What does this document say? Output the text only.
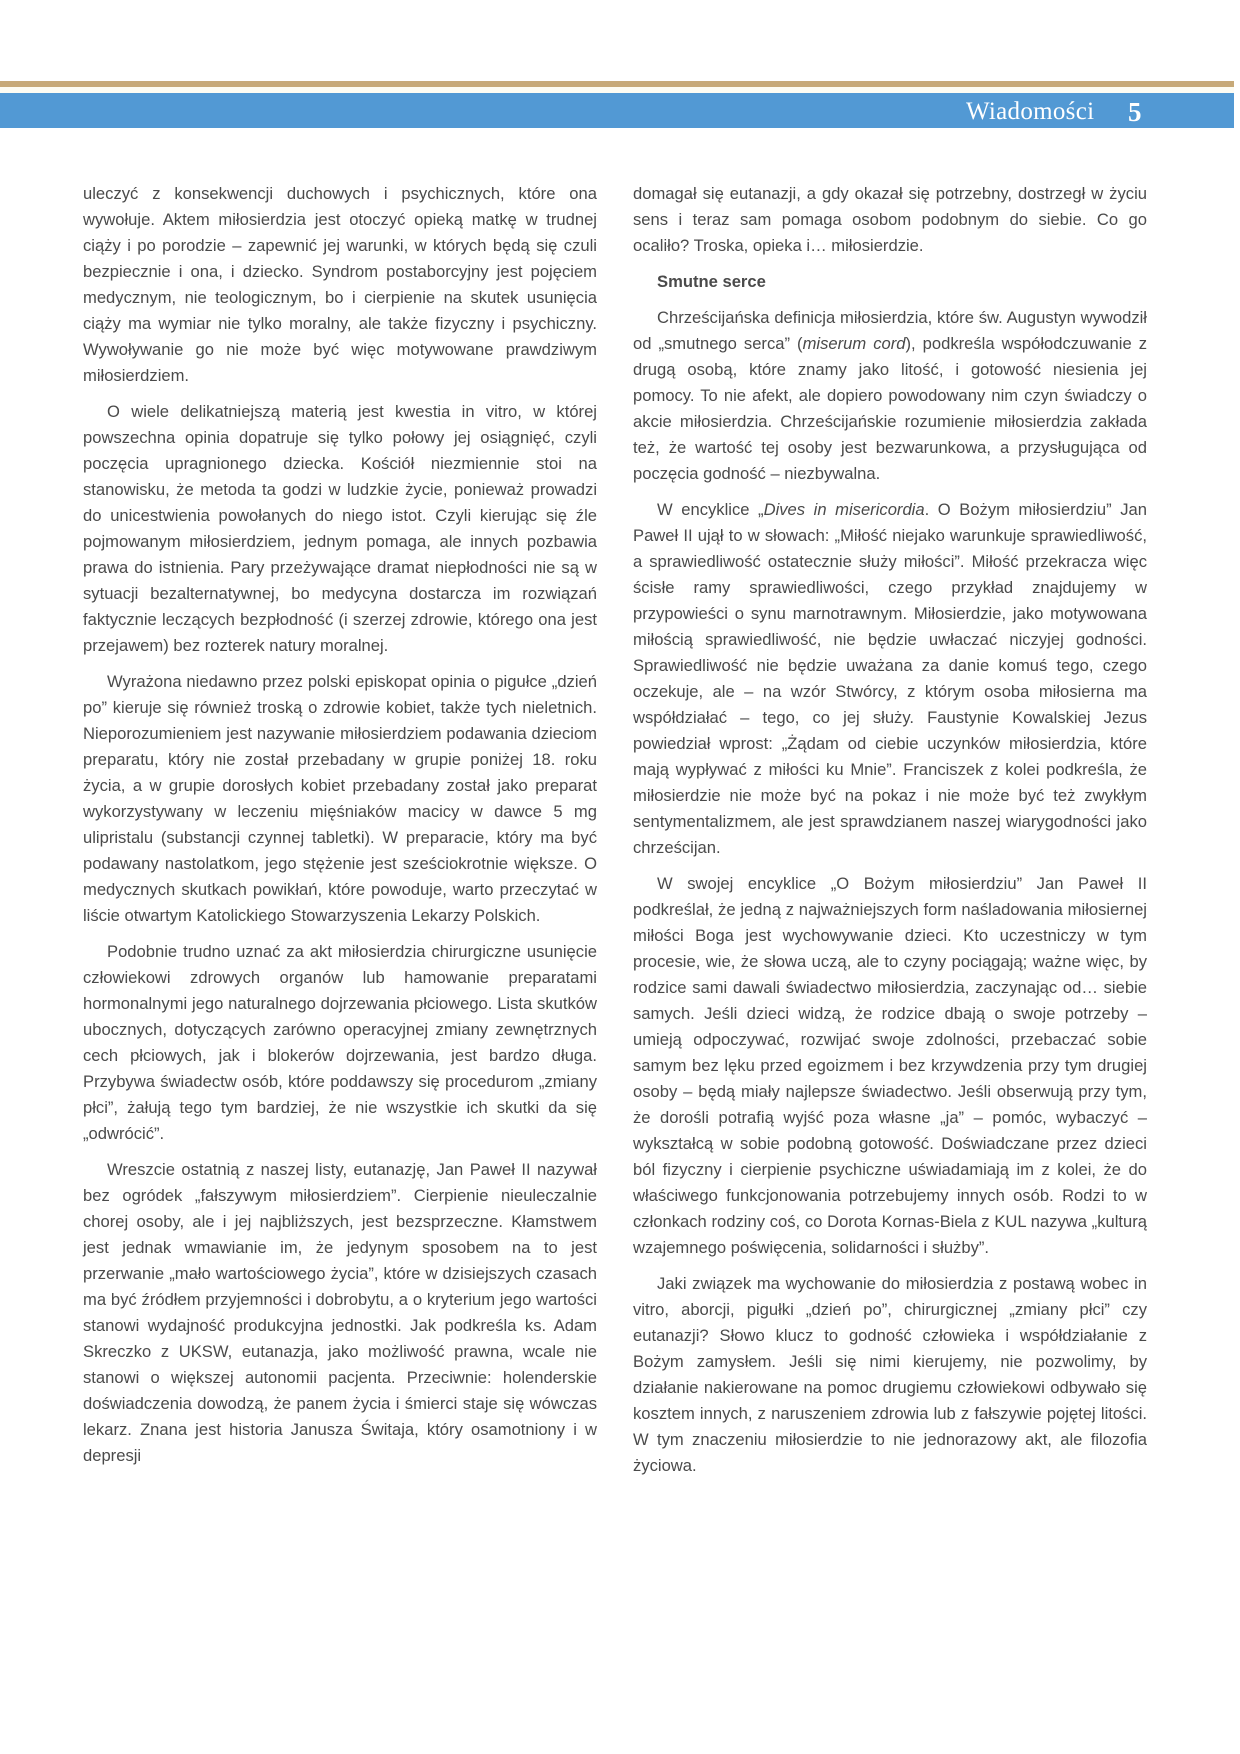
Wiadomości 5

uleczyć z konsekwencji duchowych i psychicznych, które ona wywołuje. Aktem miłosierdzia jest otoczyć opieką matkę w trudnej ciąży i po porodzie – zapewnić jej warunki, w których będą się czuli bezpiecznie i ona, i dziecko. Syndrom postaborcyjny jest pojęciem medycznym, nie teologicznym, bo i cierpienie na skutek usunięcia ciąży ma wymiar nie tylko moralny, ale także fizyczny i psychiczny. Wywoływanie go nie może być więc motywowane prawdziwym miłosierdziem.

O wiele delikatniejszą materią jest kwestia in vitro, w której powszechna opinia dopatruje się tylko połowy jej osiągnięć, czyli poczęcia upragnionego dziecka. Kościół niezmiennie stoi na stanowisku, że metoda ta godzi w ludzkie życie, ponieważ prowadzi do unicestwienia powołanych do niego istot. Czyli kierując się źle pojmowanym miłosierdziem, jednym pomaga, ale innych pozbawia prawa do istnienia. Pary przeżywające dramat niepłodności nie są w sytuacji bezalternatywnej, bo medycyna dostarcza im rozwiązań faktycznie leczących bezpłodność (i szerzej zdrowie, którego ona jest przejawem) bez rozterek natury moralnej.

Wyrażona niedawno przez polski episkopat opinia o pigułce „dzień po” kieruje się również troską o zdrowie kobiet, także tych nieletnich. Nieporozumieniem jest nazywanie miłosierdziem podawania dzieciom preparatu, który nie został przebadany w grupie poniżej 18. roku życia, a w grupie dorosłych kobiet przebadany został jako preparat wykorzystywany w leczeniu mięśniaków macicy w dawce 5 mg ulipristalu (substancji czynnej tabletki). W preparacie, który ma być podawany nastolatkom, jego stężenie jest sześciokrotnie większe. O medycznych skutkach powikłań, które powoduje, warto przeczytać w liście otwartym Katolickiego Stowarzyszenia Lekarzy Polskich.

Podobnie trudno uznać za akt miłosierdzia chirurgiczne usunięcie człowiekowi zdrowych organów lub hamowanie preparatami hormonalnymi jego naturalnego dojrzewania płciowego. Lista skutków ubocznych, dotyczących zarówno operacyjnej zmiany zewnętrznych cech płciowych, jak i blokerów dojrzewania, jest bardzo długa. Przybywa świadectw osób, które poddawszy się procedurom „zmiany płci”, żałują tego tym bardziej, że nie wszystkie ich skutki da się „odwrócić”.

Wreszcie ostatnią z naszej listy, eutanazję, Jan Paweł II nazywał bez ogródek „fałszywym miłosierdziem”. Cierpienie nieuleczalnie chorej osoby, ale i jej najbliższych, jest bezsprzeczne. Kłamstwem jest jednak wmawianie im, że jedynym sposobem na to jest przerwanie „mało wartościowego życia”, które w dzisiejszych czasach ma być źródłem przyjemności i dobrobytu, a o kryterium jego wartości stanowi wydajność produkcyjna jednostki. Jak podkreśla ks. Adam Skreczko z UKSW, eutanazja, jako możliwość prawna, wcale nie stanowi o większej autonomii pacjenta. Przeciwnie: holenderskie doświadczenia dowodzą, że panem życia i śmierci staje się wówczas lekarz. Znana jest historia Janusza Świtaja, który osamotniony i w depresji

domagał się eutanazji, a gdy okazał się potrzebny, dostrzegł w życiu sens i teraz sam pomaga osobom podobnym do siebie. Co go ocaliło? Troska, opieka i… miłosierdzie.

Smutne serce

Chrześcijańska definicja miłosierdzia, które św. Augustyn wywodził od „smutnego serca” (miserum cord), podkreśla współodczuwanie z drugą osobą, które znamy jako litość, i gotowość niesienia jej pomocy. To nie afekt, ale dopiero powodowany nim czyn świadczy o akcie miłosierdzia. Chrześcijańskie rozumienie miłosierdzia zakłada też, że wartość tej osoby jest bezwarunkowa, a przysługująca od poczęcia godność – niezbywalna.

W encyklice „Dives in misericordia. O Bożym miłosierdziu” Jan Paweł II ujął to w słowach: „Miłość niejako warunkuje sprawiedliwość, a sprawiedliwość ostatecznie służy miłości”. Miłość przekracza więc ścisłe ramy sprawiedliwości, czego przykład znajdujemy w przypowieści o synu marnotrawnym. Miłosierdzie, jako motywowana miłością sprawiedliwość, nie będzie uwłaczać niczyjej godności. Sprawiedliwość nie będzie uważana za danie komuś tego, czego oczekuje, ale – na wzór Stwórcy, z którym osoba miłosierna ma współdziałać – tego, co jej służy. Faustynie Kowalskiej Jezus powiedział wprost: „Żądam od ciebie uczynków miłosierdzia, które mają wypływać z miłości ku Mnie”. Franciszek z kolei podkreśla, że miłosierdzie nie może być na pokaz i nie może być też zwykłym sentymentalizmem, ale jest sprawdzianem naszej wiarygodności jako chrześcijan.

W swojej encyklice „O Bożym miłosierdziu” Jan Paweł II podkreślał, że jedną z najważniejszych form naśladowania miłosiernej miłości Boga jest wychowywanie dzieci. Kto uczestniczy w tym procesie, wie, że słowa uczą, ale to czyny pociągają; ważne więc, by rodzice sami dawali świadectwo miłosierdzia, zaczynając od… siebie samych. Jeśli dzieci widzą, że rodzice dbają o swoje potrzeby – umieją odpoczywać, rozwijać swoje zdolności, przebaczać sobie samym bez lęku przed egoizmem i bez krzywdzenia przy tym drugiej osoby – będą miały najlepsze świadectwo. Jeśli obserwują przy tym, że dorośli potrafią wyjść poza własne „ja” – pomóc, wybaczyć – wykształcą w sobie podobną gotowość. Doświadczane przez dzieci ból fizyczny i cierpienie psychiczne uświadamiają im z kolei, że do właściwego funkcjonowania potrzebujemy innych osób. Rodzi to w członkach rodziny coś, co Dorota Kornas-Biela z KUL nazywa „kulturą wzajemnego poświęcenia, solidarności i służby”.

Jaki związek ma wychowanie do miłosierdzia z postawą wobec in vitro, aborcji, pigułki „dzień po”, chirurgicznej „zmiany płci” czy eutanazji? Słowo klucz to godność człowieka i współdziałanie z Bożym zamysłem. Jeśli się nimi kierujemy, nie pozwolimy, by działanie nakierowane na pomoc drugiemu człowiekowi odbywało się kosztem innych, z naruszeniem zdrowia lub z fałszywie pojętej litości. W tym znaczeniu miłosierdzie to nie jednorazowy akt, ale filozofia życiowa.
